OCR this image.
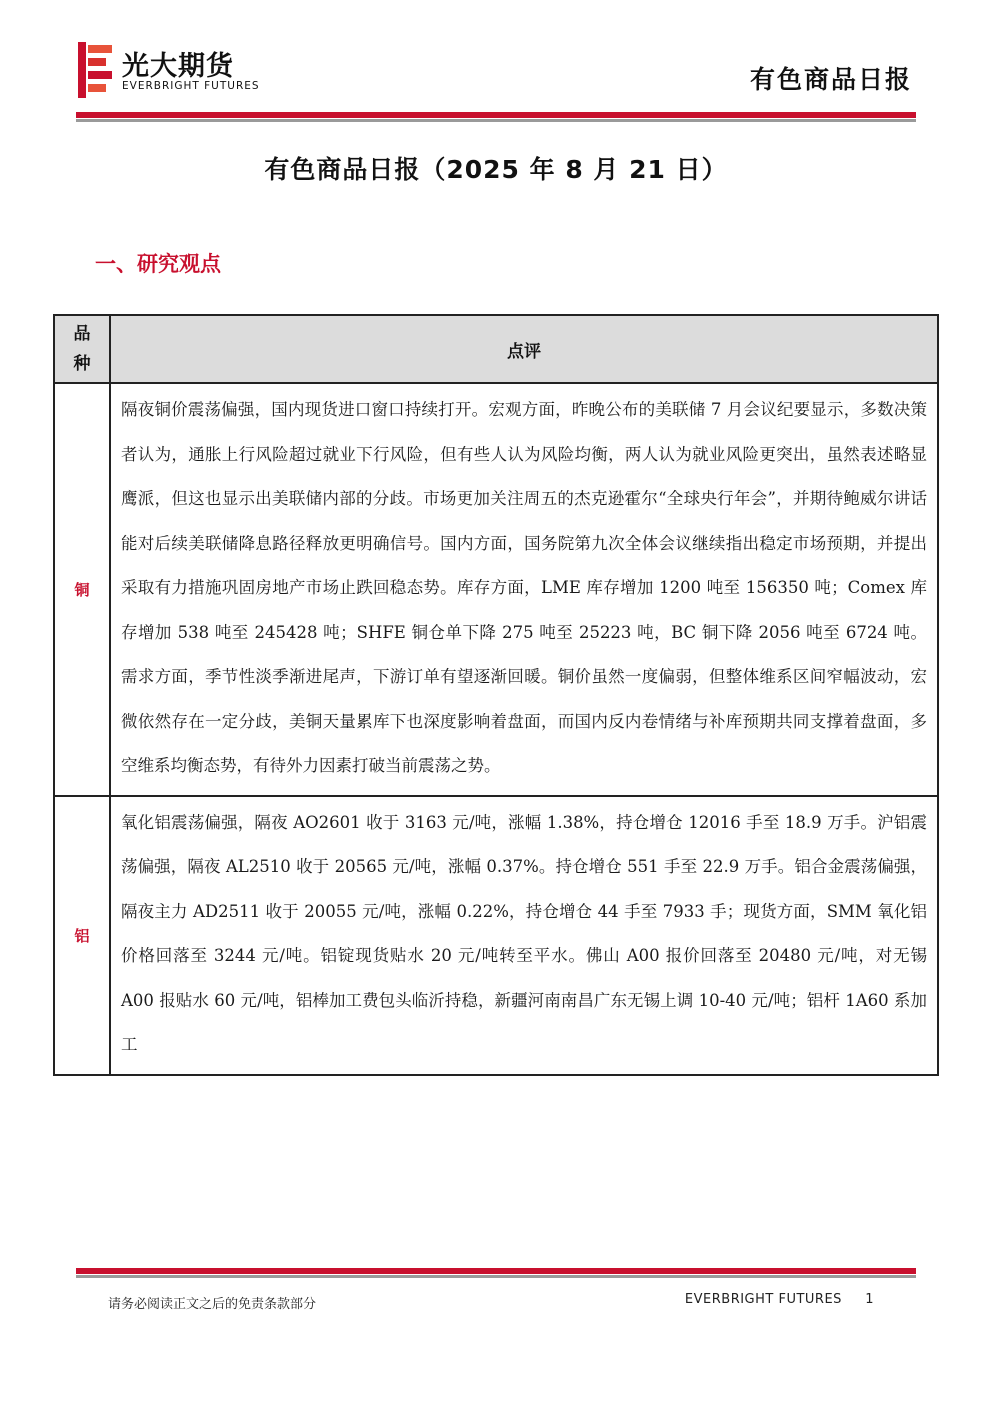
光大期货
EVERBRIGHT FUTURES	有色商品日报
有色商品日报（2025 年 8 月 21 日）
一、研究观点
品
种	点评
铜	隔夜铜价震荡偏强，国内现货进口窗口持续打开。宏观方面，昨晚公布的美联储 7 月会议纪要显示，多数决策者认为，通胀上行风险超过就业下行风险，但有些人认为风险均衡，两人认为就业风险更突出，虽然表述略显鹰派，但这也显示出美联储内部的分歧。市场更加关注周五的杰克逊霍尔“全球央行年会”，并期待鲍威尔讲话能对后续美联储降息路径释放更明确信号。国内方面，国务院第九次全体会议继续指出稳定市场预期，并提出采取有力措施巩固房地产市场止跌回稳态势。库存方面，LME 库存增加 1200 吨至 156350 吨；Comex 库存增加 538 吨至 245428 吨；SHFE 铜仓单下降 275 吨至 25223 吨，BC 铜下降 2056 吨至 6724 吨。需求方面，季节性淡季渐进尾声，下游订单有望逐渐回暖。铜价虽然一度偏弱，但整体维系区间窄幅波动，宏微依然存在一定分歧，美铜天量累库下也深度影响着盘面，而国内反内卷情绪与补库预期共同支撑着盘面，多空维系均衡态势，有待外力因素打破当前震荡之势。
铝	氧化铝震荡偏强，隔夜 AO2601 收于 3163 元/吨，涨幅 1.38%，持仓增仓 12016 手至 18.9 万手。沪铝震荡偏强，隔夜 AL2510 收于 20565 元/吨，涨幅 0.37%。持仓增仓 551 手至 22.9 万手。铝合金震荡偏强，隔夜主力 AD2511 收于 20055 元/吨，涨幅 0.22%，持仓增仓 44 手至 7933 手；现货方面，SMM 氧化铝价格回落至 3244 元/吨。铝锭现货贴水 20 元/吨转至平水。佛山 A00 报价回落至 20480 元/吨，对无锡 A00 报贴水 60 元/吨，铝棒加工费包头临沂持稳，新疆河南南昌广东无锡上调 10-40 元/吨；铝杆 1A60 系加工
请务必阅读正文之后的免责条款部分	EVERBRIGHT FUTURES 1
